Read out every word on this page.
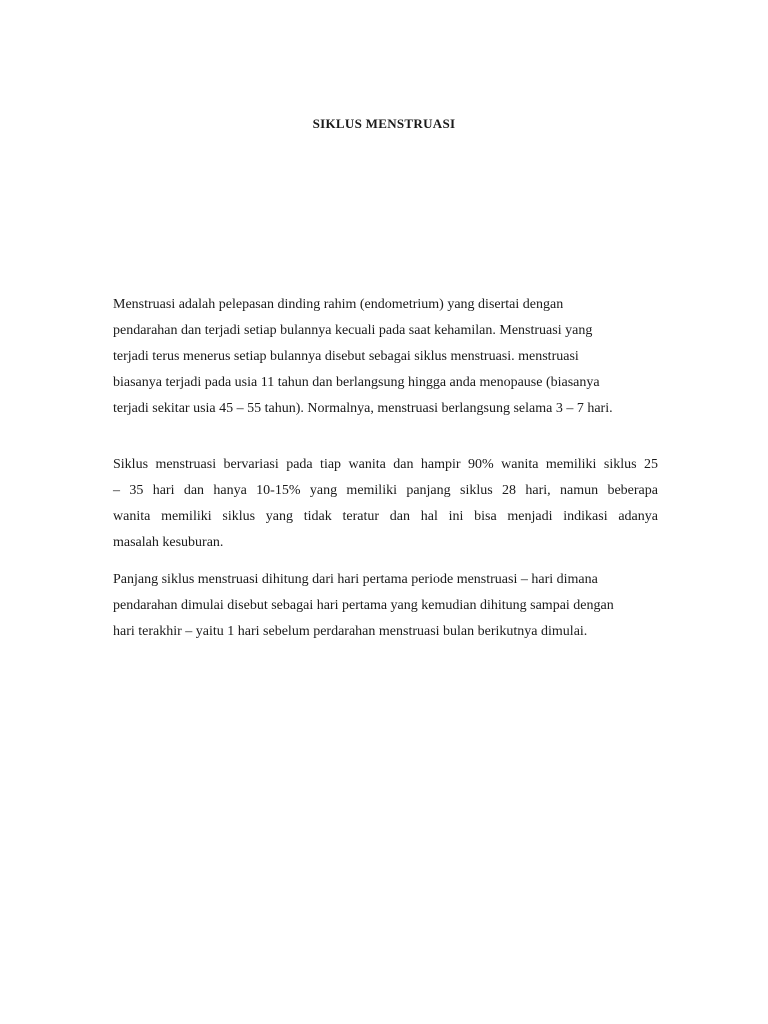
SIKLUS MENSTRUASI

Menstruasi adalah pelepasan dinding rahim (endometrium) yang disertai dengan
pendarahan dan terjadi setiap bulannya kecuali pada saat kehamilan. Menstruasi yang
terjadi terus menerus setiap bulannya disebut sebagai siklus menstruasi. menstruasi
biasanya terjadi pada usia 11 tahun dan berlangsung hingga anda menopause (biasanya
terjadi sekitar usia 45 – 55 tahun). Normalnya, menstruasi berlangsung selama 3 – 7 hari.

Siklus menstruasi bervariasi pada tiap wanita dan hampir 90% wanita memiliki siklus 25
– 35 hari dan hanya 10-15% yang memiliki panjang siklus 28 hari, namun beberapa
wanita memiliki siklus yang tidak teratur dan hal ini bisa menjadi indikasi adanya
masalah kesuburan.

Panjang siklus menstruasi dihitung dari hari pertama periode menstruasi – hari dimana
pendarahan dimulai disebut sebagai hari pertama yang kemudian dihitung sampai dengan
hari terakhir – yaitu 1 hari sebelum perdarahan menstruasi bulan berikutnya dimulai.
